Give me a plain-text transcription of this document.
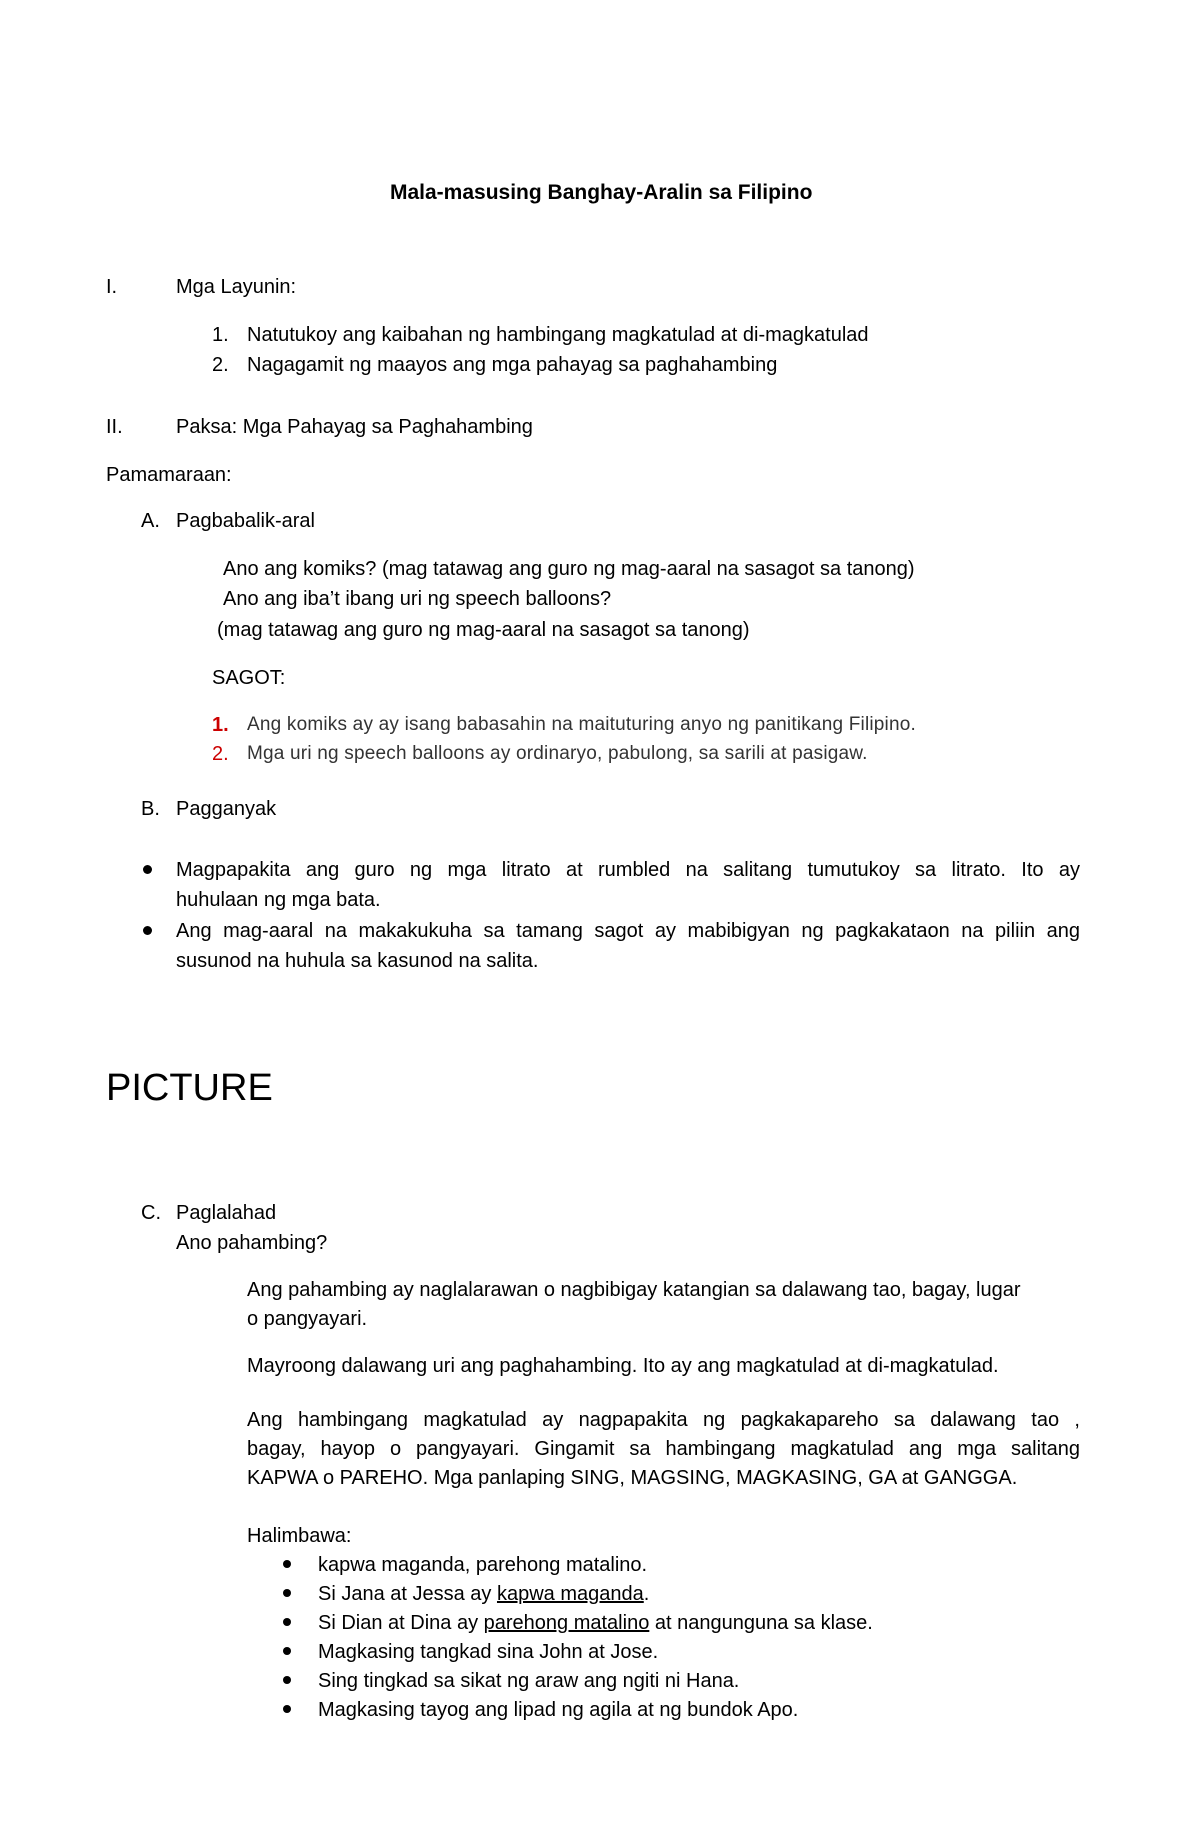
Mala-masusing Banghay-Aralin sa Filipino
I.	Mga Layunin:
1. Natutukoy ang kaibahan ng hambingang magkatulad at di-magkatulad
2. Nagagamit ng maayos ang mga pahayag sa paghahambing
II.	Paksa: Mga Pahayag sa Paghahambing
Pamamaraan:
A. Pagbabalik-aral
Ano ang komiks? (mag tatawag ang guro ng mag-aaral na sasagot sa tanong)
Ano ang iba’t ibang uri ng speech balloons?
(mag tatawag ang guro ng mag-aaral na sasagot sa tanong)
SAGOT:
1. Ang komiks ay ay isang babasahin na maituturing anyo ng panitikang Filipino.
2. Mga uri ng speech balloons ay ordinaryo, pabulong, sa sarili at pasigaw.
B. Pagganyak
Magpapakita ang guro ng mga litrato at rumbled na salitang tumutukoy sa litrato. Ito ay
huhulaan ng mga bata.
Ang mag-aaral na makakukuha sa tamang sagot ay mabibigyan ng pagkakataon na piliin ang
susunod na huhula sa kasunod na salita.
PICTURE
C. Paglalahad
Ano pahambing?
Ang pahambing ay naglalarawan o nagbibigay katangian sa dalawang tao, bagay, lugar
o pangyayari.
Mayroong dalawang uri ang paghahambing. Ito ay ang magkatulad at di-magkatulad.
Ang hambingang magkatulad ay nagpapakita ng pagkakapareho sa dalawang tao ,
bagay, hayop o pangyayari. Gingamit sa hambingang magkatulad ang mga salitang
KAPWA o PAREHO. Mga panlaping SING, MAGSING, MAGKASING, GA at GANGGA.
Halimbawa:
kapwa maganda, parehong matalino.
Si Jana at Jessa ay kapwa maganda.
Si Dian at Dina ay parehong matalino at nangunguna sa klase.
Magkasing tangkad sina John at Jose.
Sing tingkad sa sikat ng araw ang ngiti ni Hana.
Magkasing tayog ang lipad ng agila at ng bundok Apo.
